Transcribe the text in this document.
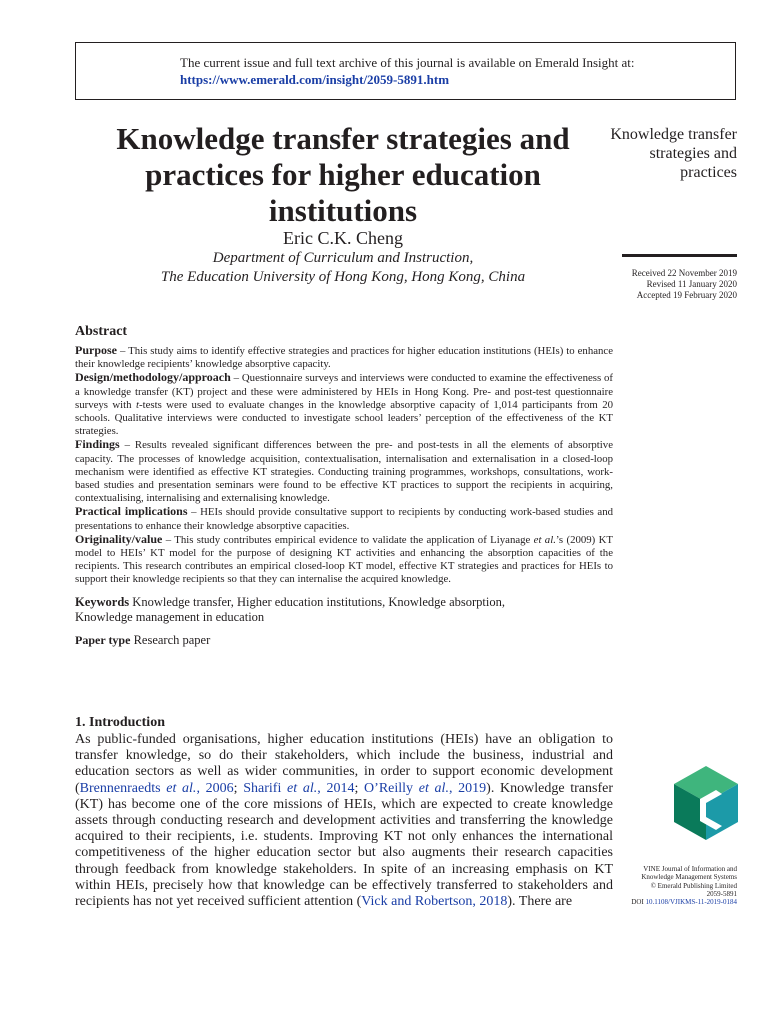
The current issue and full text archive of this journal is available on Emerald Insight at:
https://www.emerald.com/insight/2059-5891.htm
Knowledge transfer strategies and practices for higher education institutions
Eric C.K. Cheng
Department of Curriculum and Instruction,
The Education University of Hong Kong, Hong Kong, China
Knowledge transfer strategies and practices
Received 22 November 2019
Revised 11 January 2020
Accepted 19 February 2020
Abstract

Purpose – This study aims to identify effective strategies and practices for higher education institutions (HEIs) to enhance their knowledge recipients’ knowledge absorptive capacity.

Design/methodology/approach – Questionnaire surveys and interviews were conducted to examine the effectiveness of a knowledge transfer (KT) project and these were administered by HEIs in Hong Kong. Pre- and post-test questionnaire surveys with t-tests were used to evaluate changes in the knowledge absorptive capacity of 1,014 participants from 20 schools. Qualitative interviews were conducted to investigate school leaders’ perception of the effectiveness of the KT strategies.

Findings – Results revealed significant differences between the pre- and post-tests in all the elements of absorptive capacity. The processes of knowledge acquisition, contextualisation, internalisation and externalisation in a closed-loop mechanism were identified as effective KT strategies. Conducting training programmes, workshops, consultations, work-based studies and presentation seminars were found to be effective KT practices to support the recipients in acquiring, contextualising, internalising and externalising knowledge.

Practical implications – HEIs should provide consultative support to recipients by conducting work-based studies and presentations to enhance their knowledge absorptive capacities.

Originality/value – This study contributes empirical evidence to validate the application of Liyanage et al.’s (2009) KT model to HEIs’ KT model for the purpose of designing KT activities and enhancing the absorption capacities of the recipients. This research contributes an empirical closed-loop KT model, effective KT strategies and practices for HEIs to support their knowledge recipients so that they can internalise the acquired knowledge.

Keywords Knowledge transfer, Higher education institutions, Knowledge absorption,
Knowledge management in education

Paper type Research paper

1. Introduction

As public-funded organisations, higher education institutions (HEIs) have an obligation to transfer knowledge, so do their stakeholders, which include the business, industrial and education sectors as well as wider communities, in order to support economic development (Brennenraedts et al., 2006; Sharifi et al., 2014; O’Reilly et al., 2019). Knowledge transfer (KT) has become one of the core missions of HEIs, which are expected to create knowledge assets through conducting research and development activities and transferring the knowledge acquired to their recipients, i.e. students. Improving KT not only enhances the international competitiveness of the higher education sector but also augments their research capacities through feedback from knowledge stakeholders. In spite of an increasing emphasis on KT within HEIs, precisely how that knowledge can be effectively transferred to stakeholders and recipients has not yet received sufficient attention (Vick and Robertson, 2018). There are

VINE Journal of Information and
Knowledge Management Systems
© Emerald Publishing Limited
2059-5891
DOI 10.1108/VJIKMS-11-2019-0184
